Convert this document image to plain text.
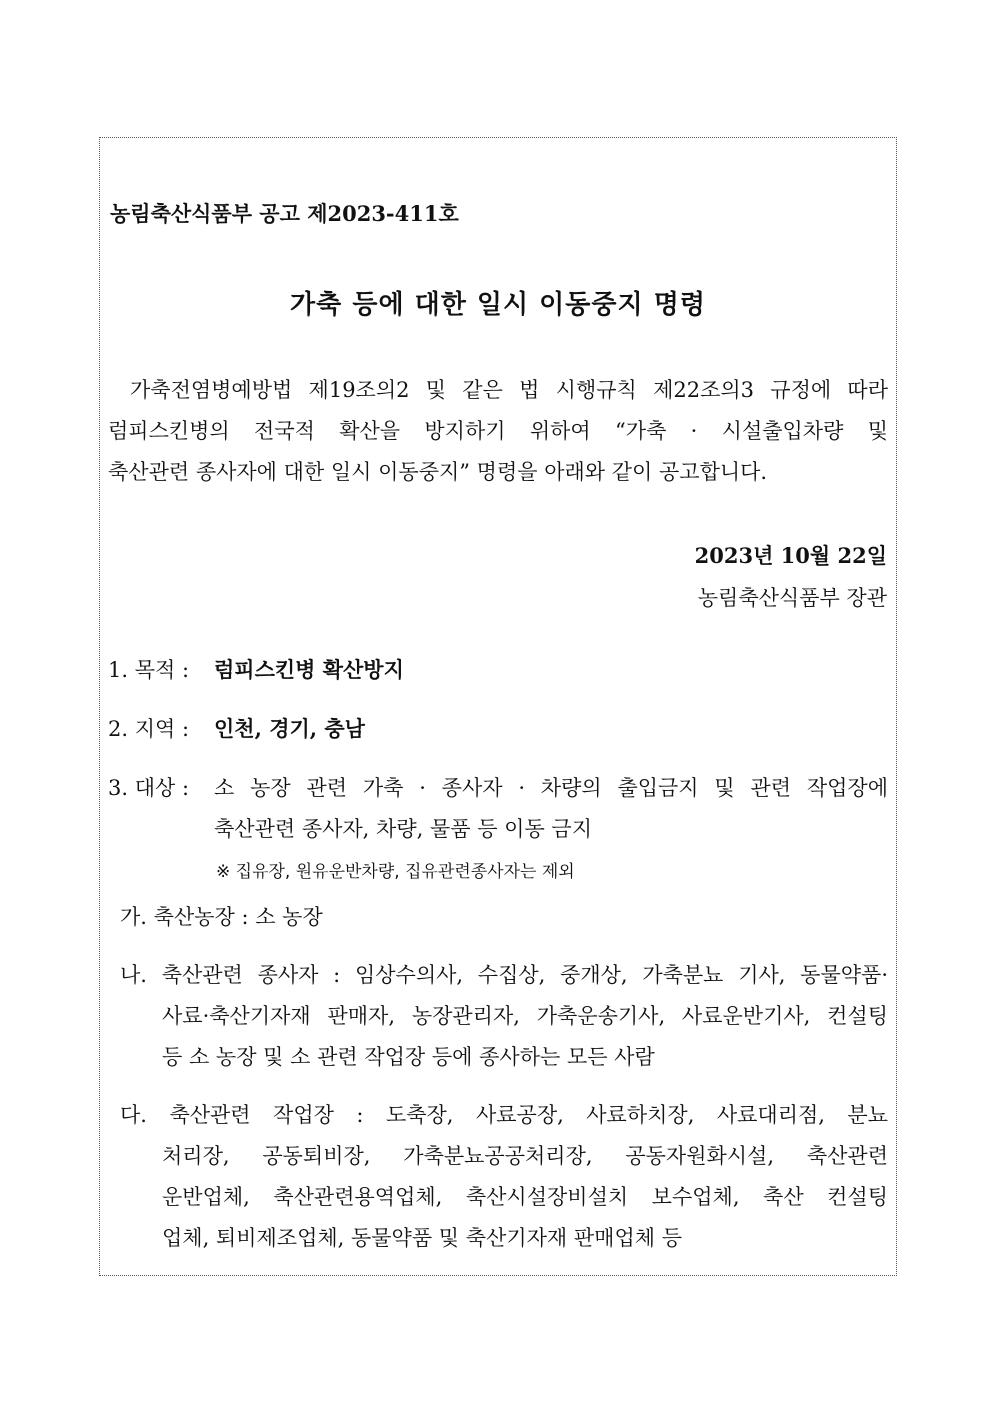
농림축산식품부 공고 제2023-411호
가축 등에 대한 일시 이동중지 명령
가축전염병예방법 제19조의2 및 같은 법 시행규칙 제22조의3 규정에 따라
럼피스킨병의 전국적 확산을 방지하기 위하여 “가축 · 시설출입차량 및
축산관련 종사자에 대한 일시 이동중지” 명령을 아래와 같이 공고합니다.
2023년 10월 22일
농림축산식품부 장관
1. 목적 : 럼피스킨병 확산방지
2. 지역 : 인천, 경기, 충남
3. 대상 : 소 농장 관련 가축 · 종사자 · 차량의 출입금지 및 관련 작업장에
축산관련 종사자, 차량, 물품 등 이동 금지
※ 집유장, 원유운반차량, 집유관련종사자는 제외
가. 축산농장 : 소 농장
나. 축산관련 종사자 : 임상수의사, 수집상, 중개상, 가축분뇨 기사, 동물약품·
사료·축산기자재 판매자, 농장관리자, 가축운송기사, 사료운반기사, 컨설팅
등 소 농장 및 소 관련 작업장 등에 종사하는 모든 사람
다. 축산관련 작업장 : 도축장, 사료공장, 사료하치장, 사료대리점, 분뇨
처리장, 공동퇴비장, 가축분뇨공공처리장, 공동자원화시설, 축산관련
운반업체, 축산관련용역업체, 축산시설장비설치 보수업체, 축산 컨설팅
업체, 퇴비제조업체, 동물약품 및 축산기자재 판매업체 등
